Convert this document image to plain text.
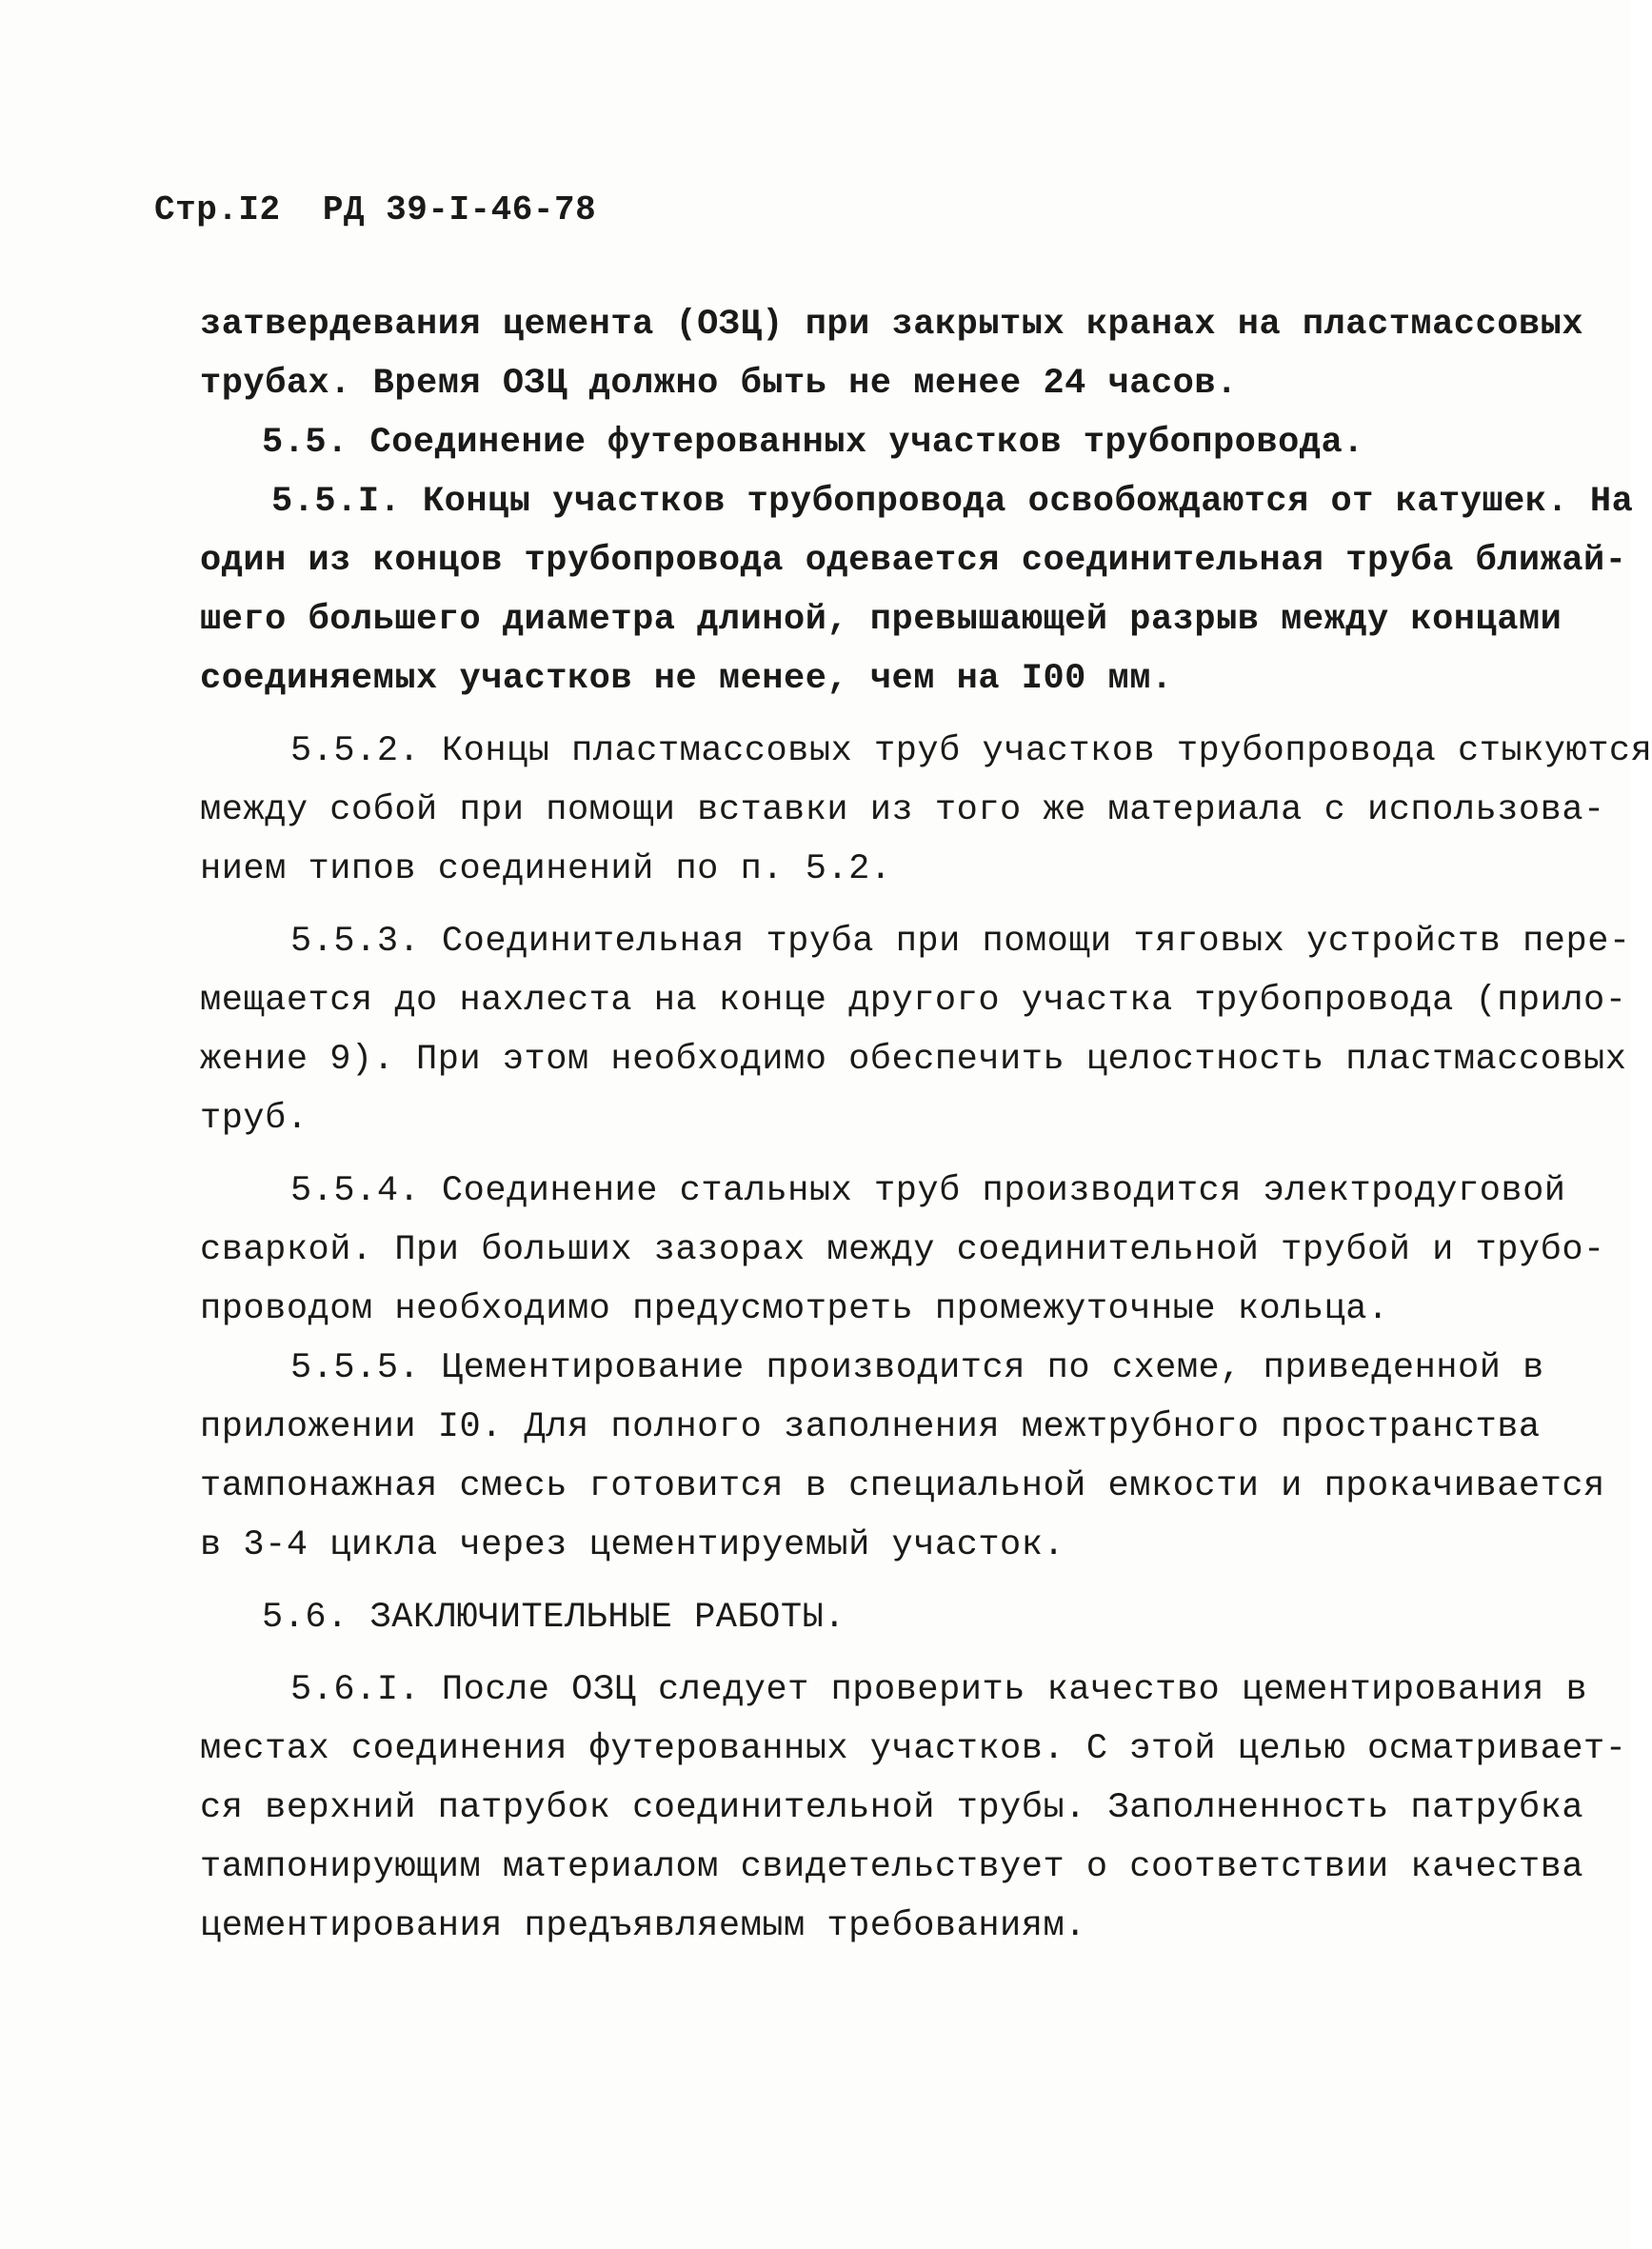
Стр.I2  РД 39-I-46-78
затвердевания цемента (ОЗЦ) при закрытых кранах на пластмассовых
трубах. Время ОЗЦ должно быть не менее 24 часов.
5.5. Соединение футерованных участков трубопровода.
5.5.I. Концы участков трубопровода освобождаются от катушек. На
один из концов трубопровода одевается соединительная труба ближай-
шего большего диаметра длиной, превышающей разрыв между концами
соединяемых участков не менее, чем на I00 мм.
5.5.2. Концы пластмассовых труб участков трубопровода стыкуются
между собой при помощи вставки из того же материала с использова-
нием типов соединений по п. 5.2.
5.5.3. Соединительная труба при помощи тяговых устройств пере-
мещается до нахлеста на конце другого участка трубопровода (прило-
жение 9). При этом необходимо обеспечить целостность пластмассовых
труб.
5.5.4. Соединение стальных труб производится электродуговой
сваркой. При больших зазорах между соединительной трубой и трубо-
проводом необходимо предусмотреть промежуточные кольца.
5.5.5. Цементирование производится по схеме, приведенной в
приложении I0. Для полного заполнения межтрубного пространства
тампонажная смесь готовится в специальной емкости и прокачивается
в 3-4 цикла через цементируемый участок.
5.6. ЗАКЛЮЧИТЕЛЬНЫЕ РАБОТЫ.
5.6.I. После ОЗЦ следует проверить качество цементирования в
местах соединения футерованных участков. С этой целью осматривает-
ся верхний патрубок соединительной трубы. Заполненность патрубка
тампонирующим материалом свидетельствует о соответствии качества
цементирования предъявляемым требованиям.
